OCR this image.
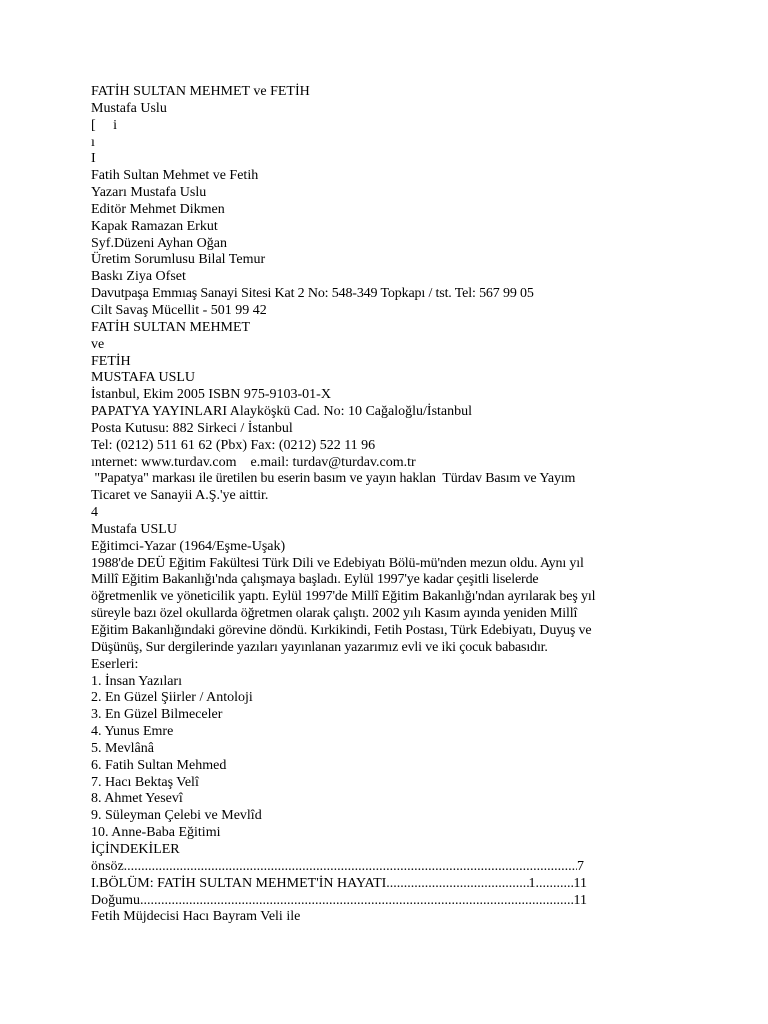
FATİH SULTAN MEHMET ve FETİH
Mustafa Uslu
[     i
ı
I
Fatih Sultan Mehmet ve Fetih
Yazarı Mustafa Uslu
Editör Mehmet Dikmen
Kapak Ramazan Erkut
Syf.Düzeni Ayhan Oğan
Üretim Sorumlusu Bilal Temur
Baskı Ziya Ofset
Davutpaşa Emmıaş Sanayi Sitesi Kat 2 No: 548-349 Topkapı / tst. Tel: 567 99 05
Cilt Savaş Mücellit - 501 99 42
FATİH SULTAN MEHMET
ve
FETİH
MUSTAFA USLU
İstanbul, Ekim 2005 ISBN 975-9103-01-X
PAPATYA YAYINLARI Alayköşkü Cad. No: 10 Cağaloğlu/İstanbul
Posta Kutusu: 882 Sirkeci / İstanbul
Tel: (0212) 511 61 62 (Pbx) Fax: (0212) 522 11 96
ınternet: www.turdav.com    e.mail: turdav@turdav.com.tr
"Papatya" markası ile üretilen bu eserin basım ve yayın haklan  Türdav Basım ve Yayım
Ticaret ve Sanayii A.Ş.'ye aittir.
4
Mustafa USLU
Eğitimci-Yazar (1964/Eşme-Uşak)
1988'de DEÜ Eğitim Fakültesi Türk Dili ve Edebiyatı Bölü-mü'nden mezun oldu. Aynı yıl
Millî Eğitim Bakanlığı'nda çalışmaya başladı. Eylül 1997'ye kadar çeşitli liselerde
öğretmenlik ve yöneticilik yaptı. Eylül 1997'de Millî Eğitim Bakanlığı'ndan ayrılarak beş yıl
süreyle bazı özel okullarda öğretmen olarak çalıştı. 2002 yılı Kasım ayında yeniden Millî
Eğitim Bakanlığındaki görevine döndü. Kırkikindi, Fetih Postası, Türk Edebiyatı, Duyuş ve
Düşünüş, Sur dergilerinde yazıları yayınlanan yazarımız evli ve iki çocuk babasıdır.
Eserleri:
1. İnsan Yazıları
2. En Güzel Şiirler / Antoloji
3. En Güzel Bilmeceler
4. Yunus Emre
5. Mevlânâ
6. Fatih Sultan Mehmed
7. Hacı Bektaş Velî
8. Ahmet Yesevî
9. Süleyman Çelebi ve Mevlîd
10. Anne-Baba Eğitimi
İÇİNDEKİLER
önsöz .....	7
I.BÖLÜM: FATİH SULTAN MEHMET'İN HAYATI .....	1 .....	11
Doğumu .....	11
Fetih Müjdecisi Hacı Bayram Veli ile
